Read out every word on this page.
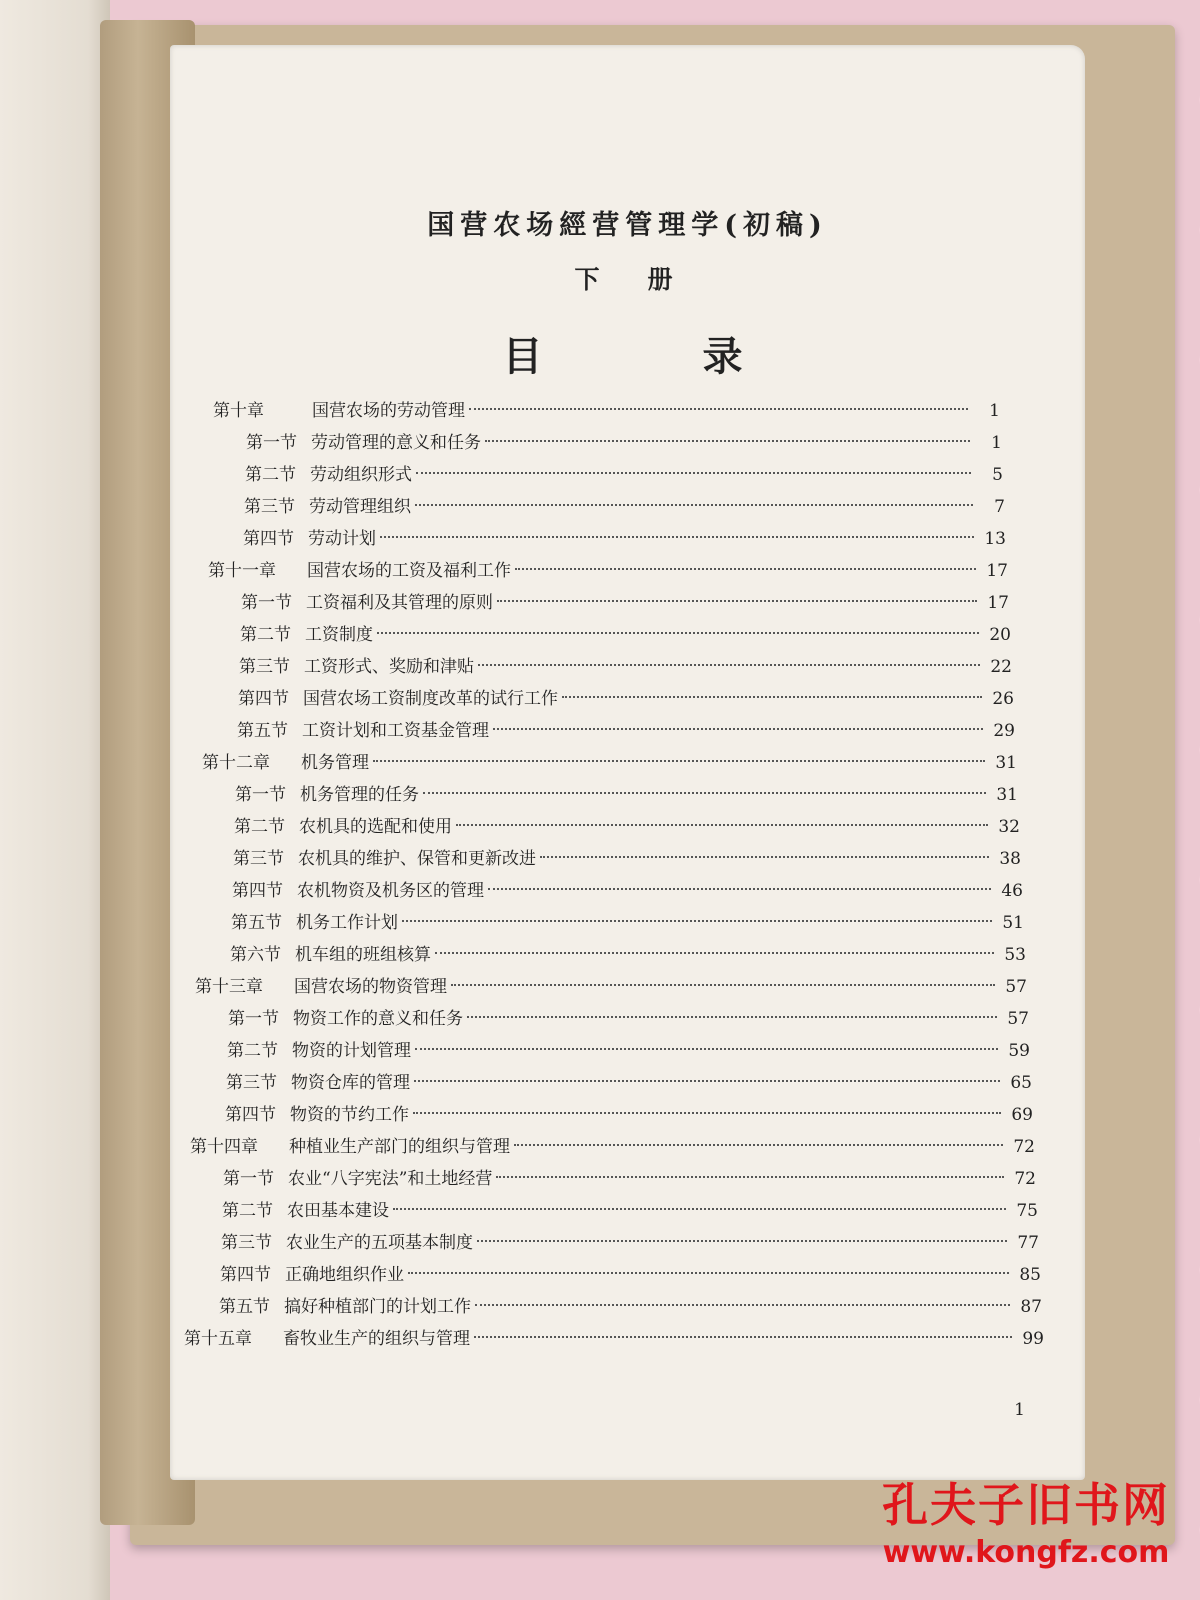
国营农场經营管理学(初稿)
下册
目录
第十章	国营农场的劳动管理	1
第一节 劳动管理的意义和任务	1
第二节 劳动组织形式	5
第三节 劳动管理组织	7
第四节 劳动计划	13
第十一章	国营农场的工资及福利工作	17
第一节 工资福利及其管理的原则	17
第二节 工资制度	20
第三节 工资形式、奖励和津贴	22
第四节 国营农场工资制度改革的试行工作	26
第五节 工资计划和工资基金管理	29
第十二章	机务管理	31
第一节 机务管理的任务	31
第二节 农机具的选配和使用	32
第三节 农机具的维护、保管和更新改进	38
第四节 农机物资及机务区的管理	46
第五节 机务工作计划	51
第六节 机车组的班组核算	53
第十三章	国营农场的物资管理	57
第一节 物资工作的意义和任务	57
第二节 物资的计划管理	59
第三节 物资仓库的管理	65
第四节 物资的节约工作	69
第十四章	种植业生产部门的组织与管理	72
第一节 农业“八字宪法”和土地经营	72
第二节 农田基本建设	75
第三节 农业生产的五项基本制度	77
第四节 正确地组织作业	85
第五节 搞好种植部门的计划工作	87
第十五章	畜牧业生产的组织与管理	99
1
孔夫子旧书网
www.kongfz.com
